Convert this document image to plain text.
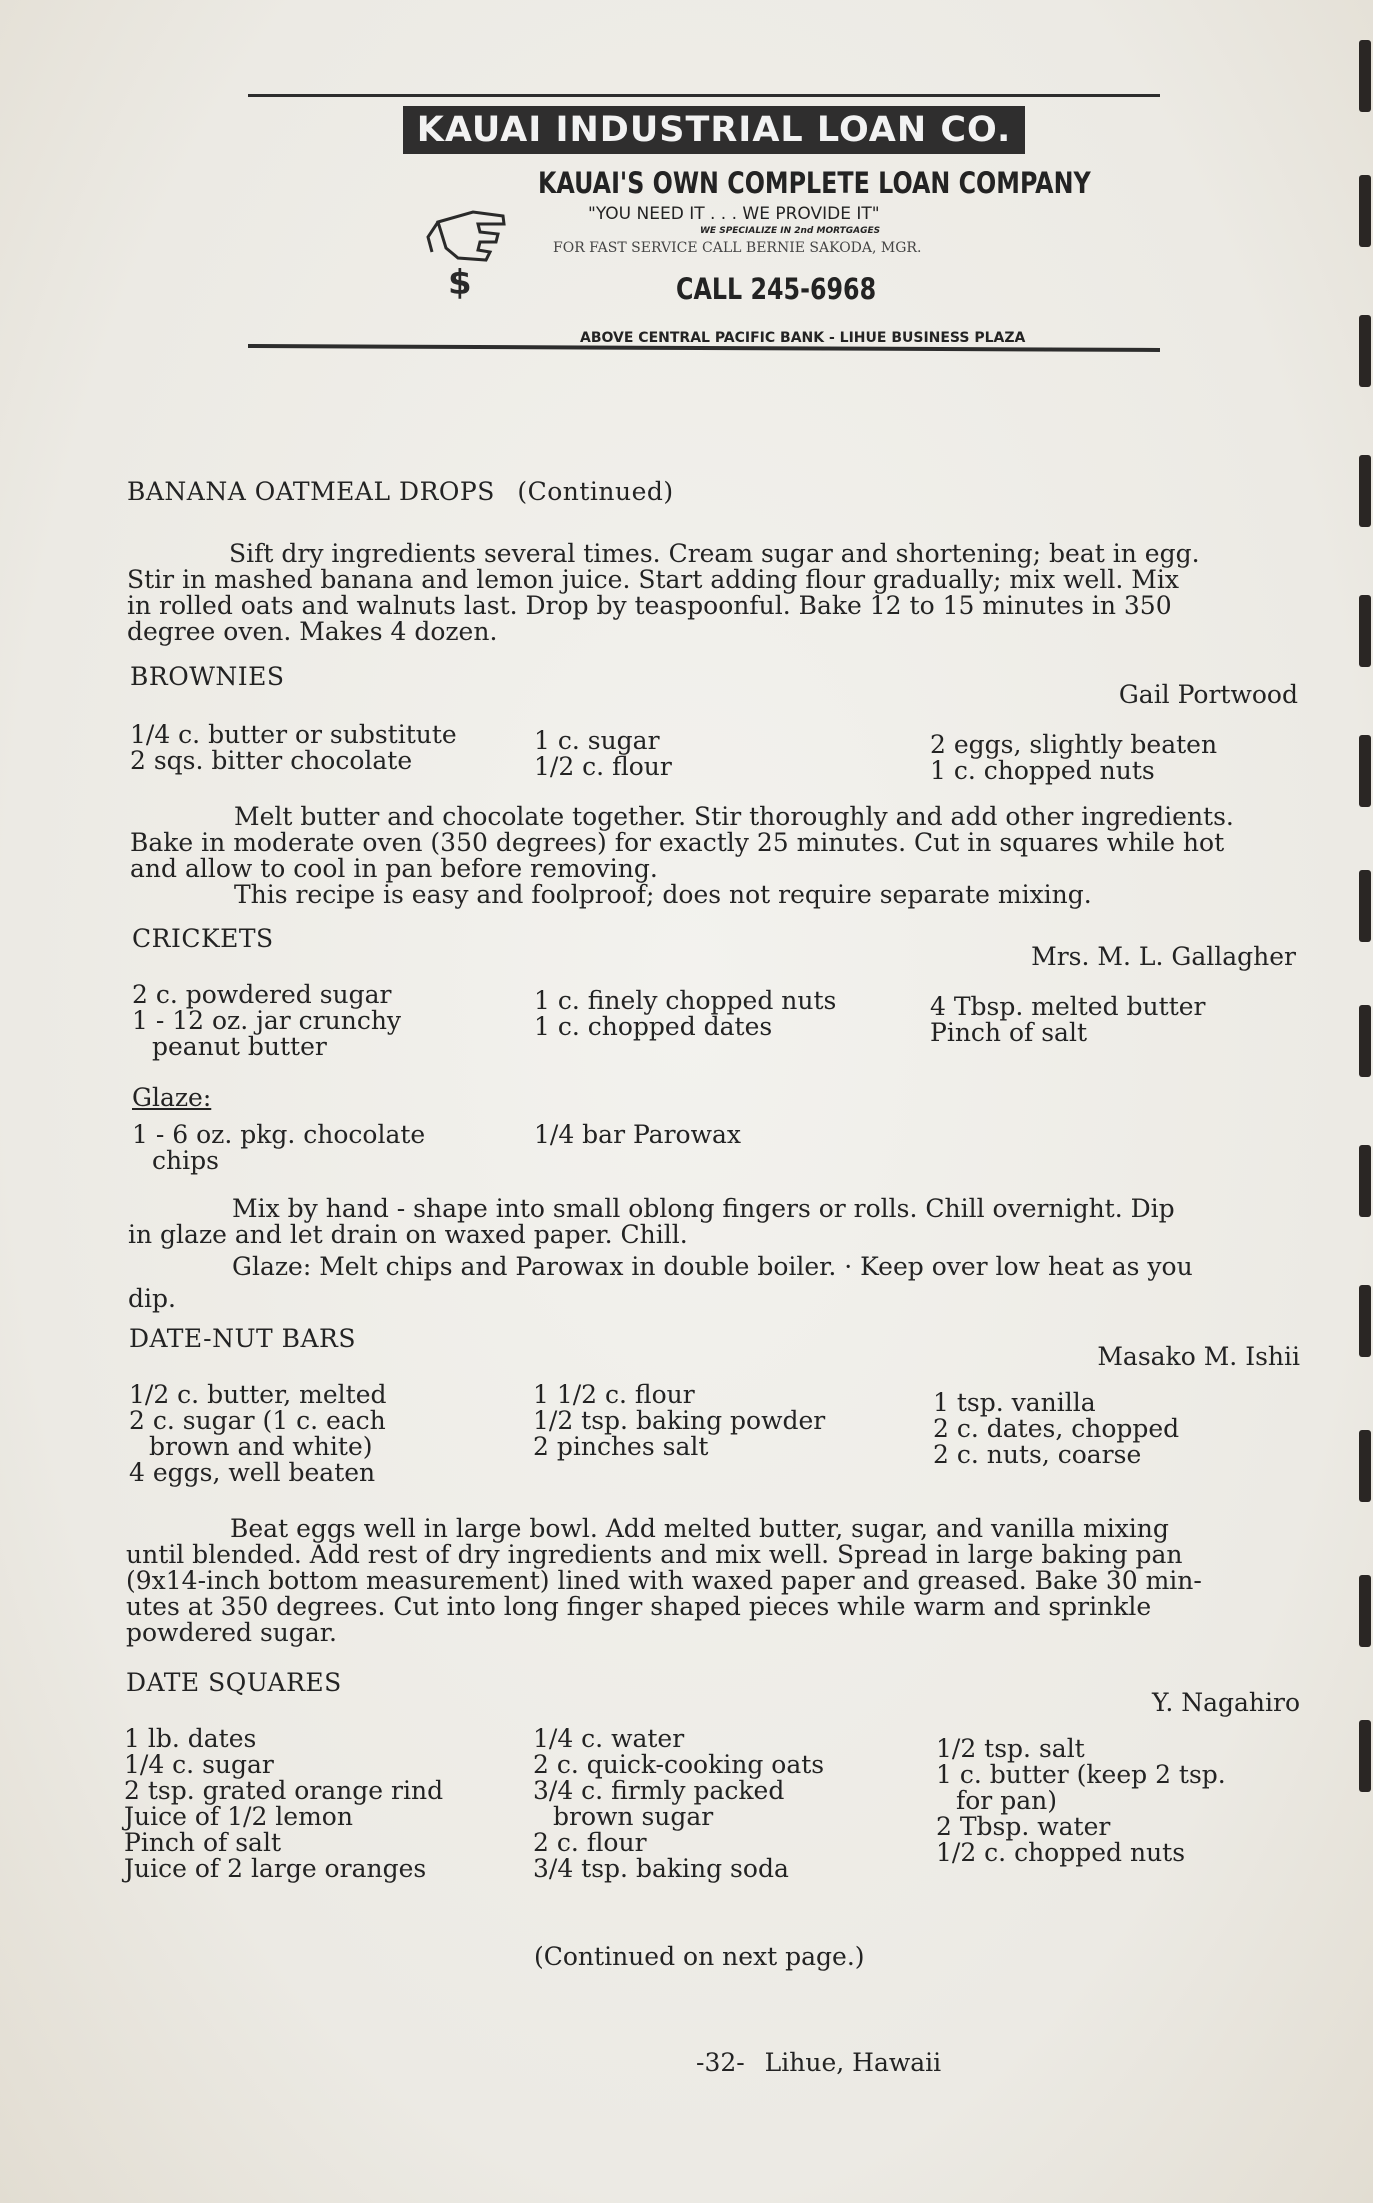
KAUAI INDUSTRIAL LOAN CO.
KAUAI'S OWN COMPLETE LOAN COMPANY
"YOU NEED IT . . . WE PROVIDE IT"
WE SPECIALIZE IN 2nd MORTGAGES
FOR FAST SERVICE CALL BERNIE SAKODA, MGR.
CALL 245-6968
ABOVE CENTRAL PACIFIC BANK - LIHUE BUSINESS PLAZA
$
BANANA OATMEAL DROPS (Continued)
Sift dry ingredients several times. Cream sugar and shortening; beat in egg.
Stir in mashed banana and lemon juice. Start adding flour gradually; mix well. Mix
in rolled oats and walnuts last. Drop by teaspoonful. Bake 12 to 15 minutes in 350
degree oven. Makes 4 dozen.
BROWNIES
Gail Portwood
1/4 c. butter or substitute
2 sqs. bitter chocolate
1 c. sugar
1/2 c. flour
2 eggs, slightly beaten
1 c. chopped nuts
Melt butter and chocolate together. Stir thoroughly and add other ingredients.
Bake in moderate oven (350 degrees) for exactly 25 minutes. Cut in squares while hot
and allow to cool in pan before removing.
This recipe is easy and foolproof; does not require separate mixing.
CRICKETS
Mrs. M. L. Gallagher
2 c. powdered sugar
1 - 12 oz. jar crunchy
peanut butter
1 c. finely chopped nuts
1 c. chopped dates
4 Tbsp. melted butter
Pinch of salt
Glaze:
1 - 6 oz. pkg. chocolate
chips
1/4 bar Parowax
Mix by hand - shape into small oblong fingers or rolls. Chill overnight. Dip
in glaze and let drain on waxed paper. Chill.
Glaze: Melt chips and Parowax in double boiler. · Keep over low heat as you
dip.
DATE-NUT BARS
Masako M. Ishii
1/2 c. butter, melted
2 c. sugar (1 c. each
brown and white)
4 eggs, well beaten
1 1/2 c. flour
1/2 tsp. baking powder
2 pinches salt
1 tsp. vanilla
2 c. dates, chopped
2 c. nuts, coarse
Beat eggs well in large bowl. Add melted butter, sugar, and vanilla mixing
until blended. Add rest of dry ingredients and mix well. Spread in large baking pan
(9x14-inch bottom measurement) lined with waxed paper and greased. Bake 30 min-
utes at 350 degrees. Cut into long finger shaped pieces while warm and sprinkle
powdered sugar.
DATE SQUARES
Y. Nagahiro
1 lb. dates
1/4 c. sugar
2 tsp. grated orange rind
Juice of 1/2 lemon
Pinch of salt
Juice of 2 large oranges
1/4 c. water
2 c. quick-cooking oats
3/4 c. firmly packed
brown sugar
2 c. flour
3/4 tsp. baking soda
1/2 tsp. salt
1 c. butter (keep 2 tsp.
for pan)
2 Tbsp. water
1/2 c. chopped nuts
(Continued on next page.)
-32- Lihue, Hawaii
